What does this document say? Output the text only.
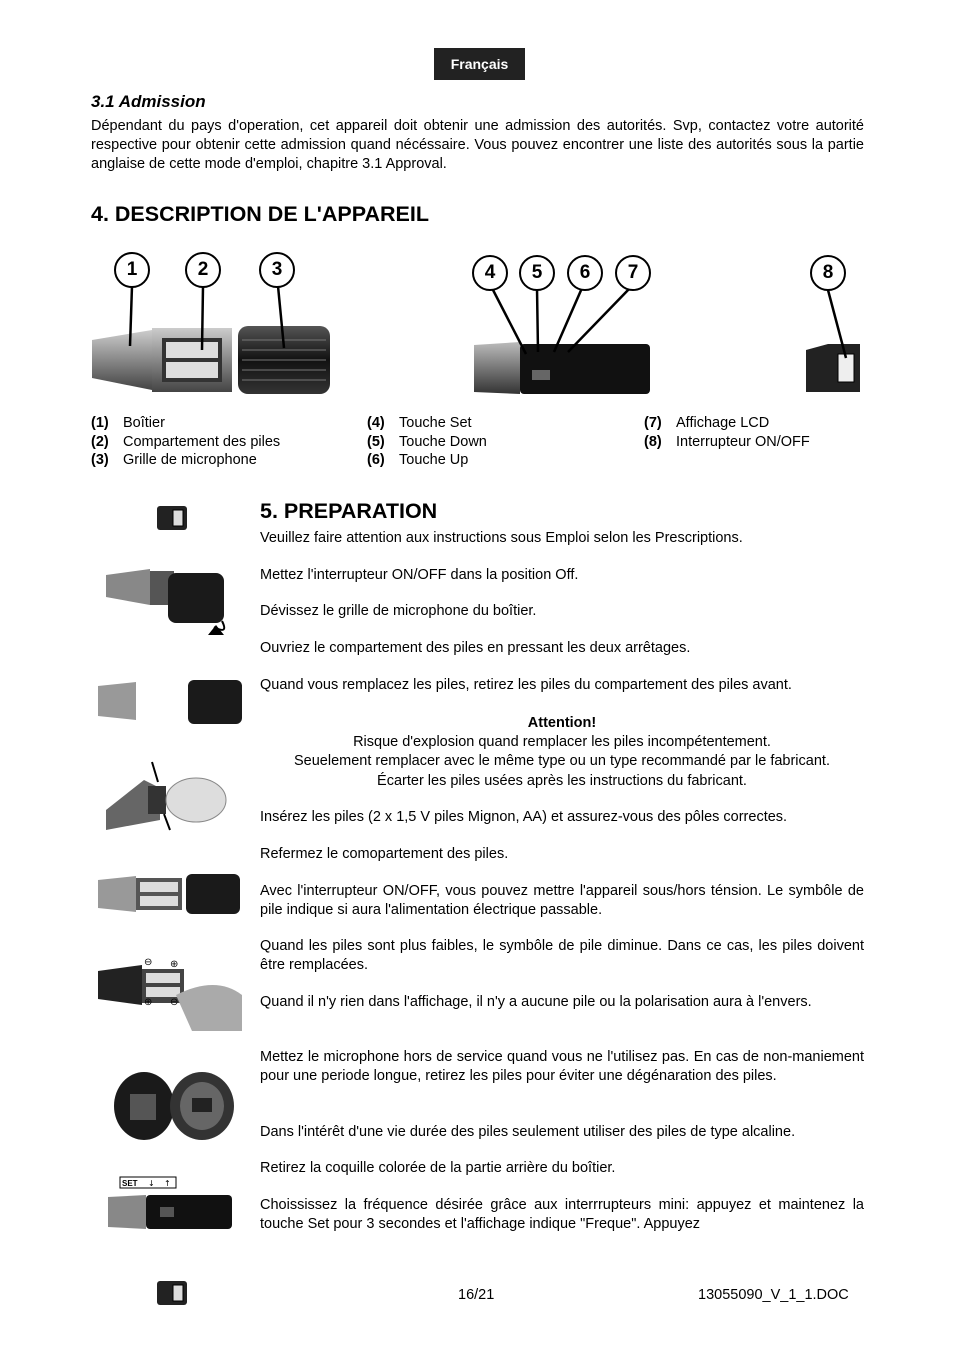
Français
3.1 Admission
Dépendant du pays d'operation, cet appareil doit obtenir une admission des autorités. Svp, contactez votre autorité respective pour obtenir cette admission quand nécéssaire. Vous pouvez encontrer une liste des autorités sous la partie anglaise de cette mode d'emploi, chapitre 3.1 Approval.
4. DESCRIPTION DE L'APPAREIL
1	2	3	4	5	6	7	8
(1) Boîtier
(2) Compartement des piles
(3) Grille de microphone
(4) Touche Set
(5) Touche Down
(6) Touche Up
(7) Affichage LCD
(8) Interrupteur ON/OFF
5. PREPARATION
⊖ ⊕
⊕ ⊖
SET ↓ ↑
Veuillez faire attention aux instructions sous Emploi selon les Prescriptions.
Mettez l'interrupteur ON/OFF dans la position Off.
Dévissez le grille de microphone du boîtier.
Ouvriez le compartement des piles en pressant les deux arrêtages.
Quand vous remplacez les piles, retirez les piles du compartement des piles avant.
Attention!
Risque d'explosion quand remplacer les piles incompétentement.
Seuelement remplacer avec le même type ou un type recommandé par le fabricant.
Écarter les piles usées après les instructions du fabricant.
Insérez les piles (2 x 1,5 V piles Mignon, AA) et assurez-vous des pôles correctes.
Refermez le comopartement des piles.
Avec l'interrupteur ON/OFF, vous pouvez mettre l'appareil sous/hors ténsion. Le symbôle de pile indique si aura l'alimentation électrique passable.
Quand les piles sont plus faibles, le symbôle de pile diminue. Dans ce cas, les piles doivent être remplacées.
Quand il n'y rien dans l'affichage, il n'y a aucune pile ou la polarisation aura à l'envers.
Mettez le microphone hors de service quand vous ne l'utilisez pas. En cas de non-maniement pour une periode longue, retirez les piles pour éviter une dégénaration des piles.
Dans l'intérêt d'une vie durée des piles seulement utiliser des piles de type alcaline.
Retirez la coquille colorée de la partie arrière du boîtier.
Choississez la fréquence désirée grâce aux interrrupteurs mini: appuyez et maintenez la touche Set pour 3 secondes et l'affichage indique "Freque". Appuyez
16/21	13055090_V_1_1.DOC
